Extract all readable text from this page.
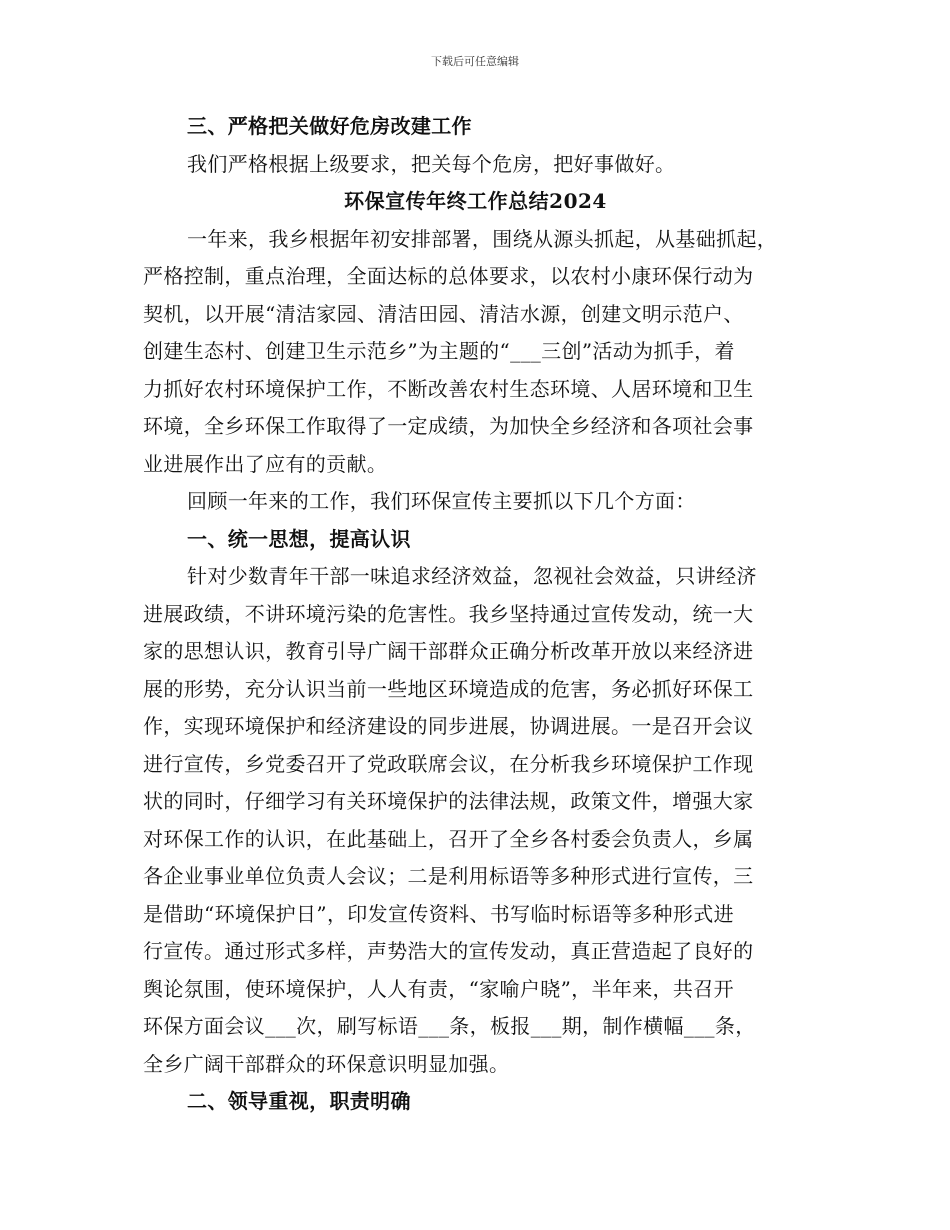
下载后可任意编辑
三、严格把关做好危房改建工作
我们严格根据上级要求，把关每个危房，把好事做好。
环保宣传年终工作总结2024
一年来，我乡根据年初安排部署，围绕从源头抓起，从基础抓起，
严格控制，重点治理，全面达标的总体要求，以农村小康环保行动为
契机，以开展“清洁家园、清洁田园、清洁水源，创建文明示范户、
创建生态村、创建卫生示范乡”为主题的“___三创”活动为抓手，着
力抓好农村环境保护工作，不断改善农村生态环境、人居环境和卫生
环境，全乡环保工作取得了一定成绩，为加快全乡经济和各项社会事
业进展作出了应有的贡献。
回顾一年来的工作，我们环保宣传主要抓以下几个方面：
一、统一思想，提高认识
针对少数青年干部一味追求经济效益，忽视社会效益，只讲经济
进展政绩，不讲环境污染的危害性。我乡坚持通过宣传发动，统一大
家的思想认识，教育引导广阔干部群众正确分析改革开放以来经济进
展的形势，充分认识当前一些地区环境造成的危害，务必抓好环保工
作，实现环境保护和经济建设的同步进展，协调进展。一是召开会议
进行宣传，乡党委召开了党政联席会议，在分析我乡环境保护工作现
状的同时，仔细学习有关环境保护的法律法规，政策文件，增强大家
对环保工作的认识，在此基础上，召开了全乡各村委会负责人，乡属
各企业事业单位负责人会议；二是利用标语等多种形式进行宣传，三
是借助“环境保护日”，印发宣传资料、书写临时标语等多种形式进
行宣传。通过形式多样，声势浩大的宣传发动，真正营造起了良好的
舆论氛围，使环境保护，人人有责，“家喻户晓”，半年来，共召开
环保方面会议___次，刷写标语___条，板报___期，制作横幅___条，
全乡广阔干部群众的环保意识明显加强。
二、领导重视，职责明确
